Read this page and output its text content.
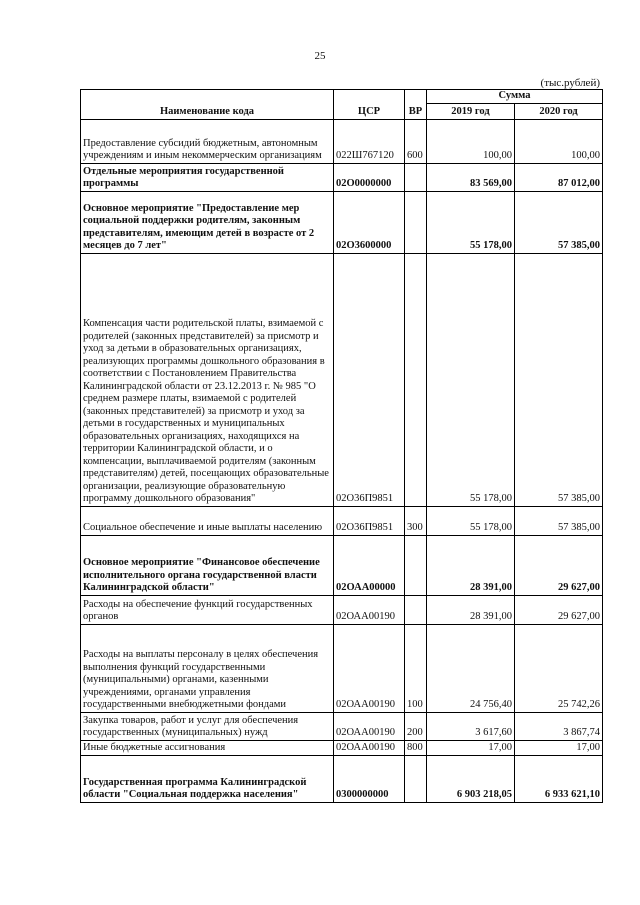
25
(тыс.рублей)
Наименование кода	ЦСР	ВР	Сумма	
			2019 год	2020 год
Предоставление субсидий бюджетным, автономным учреждениям и иным некоммерческим организациям	022Ш767120	600	100,00	100,00
Отдельные мероприятия государственной программы	02О0000000		83 569,00	87 012,00
Основное мероприятие "Предоставление мер социальной поддержки родителям, законным представителям, имеющим детей в возрасте от 2 месяцев до 7 лет"	02О3600000		55 178,00	57 385,00
Компенсация части родительской платы, взимаемой с родителей (законных представителей) за присмотр и уход за детьми в образовательных организациях, реализующих программы дошкольного образования в соответствии с Постановлением Правительства Калининградской области от 23.12.2013 г. № 985 "О среднем размере платы, взимаемой с родителей (законных представителей) за присмотр и уход за детьми в государственных и муниципальных образовательных организациях, находящихся на территории Калининградской области, и о компенсации, выплачиваемой родителям (законным представителям) детей, посещающих образовательные организации, реализующие образовательную программу дошкольного образования"	02О36П9851		55 178,00	57 385,00
Социальное обеспечение и иные выплаты населению	02О36П9851	300	55 178,00	57 385,00
Основное мероприятие "Финансовое обеспечение исполнительного органа государственной власти Калининградской области"	02ОАА00000		28 391,00	29 627,00
Расходы на обеспечение функций государственных органов	02ОАА00190		28 391,00	29 627,00
Расходы на выплаты персоналу в целях обеспечения выполнения функций государственными (муниципальными) органами, казенными учреждениями, органами управления государственными внебюджетными фондами	02ОАА00190	100	24 756,40	25 742,26
Закупка товаров, работ и услуг для обеспечения государственных (муниципальных) нужд	02ОАА00190	200	3 617,60	3 867,74
Иные бюджетные ассигнования	02ОАА00190	800	17,00	17,00
Государственная программа Калининградской области "Социальная поддержка населения"	0300000000		6 903 218,05	6 933 621,10
